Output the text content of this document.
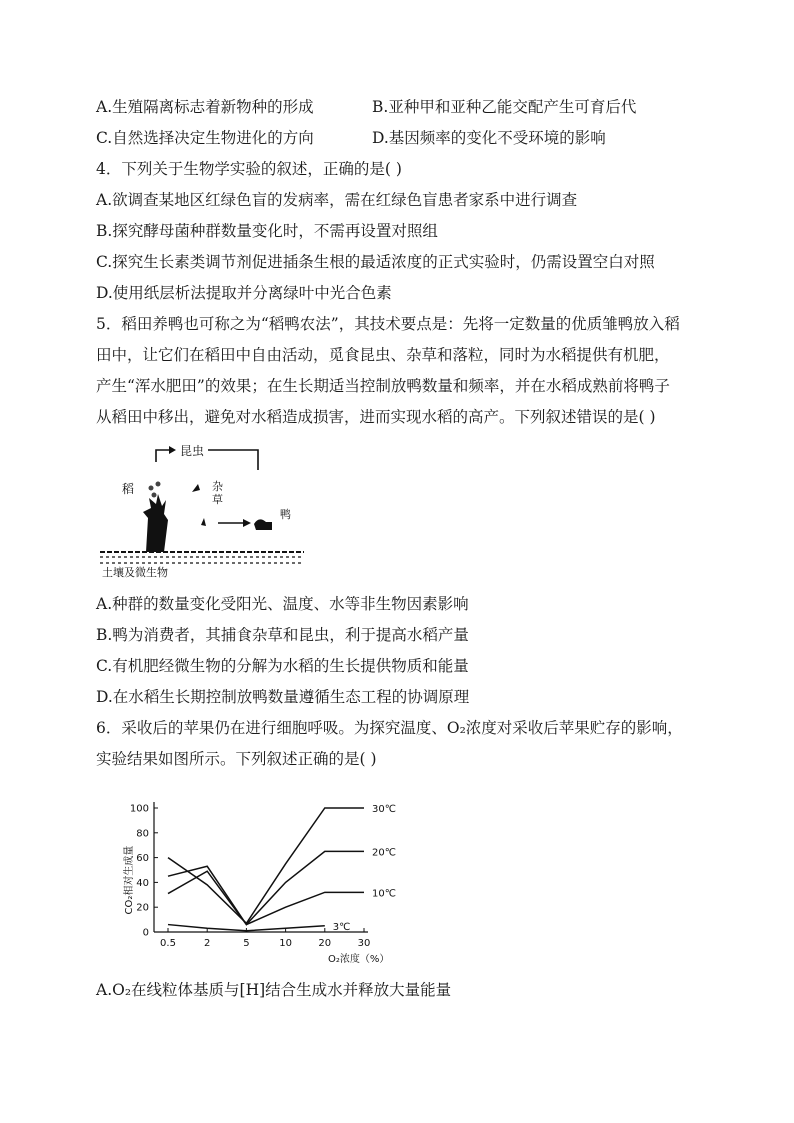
A.生殖隔离标志着新物种的形成	B.亚种甲和亚种乙能交配产生可育后代
C.自然选择决定生物进化的方向	D.基因频率的变化不受环境的影响
4．下列关于生物学实验的叙述，正确的是( )
A.欲调查某地区红绿色盲的发病率，需在红绿色盲患者家系中进行调查
B.探究酵母菌种群数量变化时，不需再设置对照组
C.探究生长素类调节剂促进插条生根的最适浓度的正式实验时，仍需设置空白对照
D.使用纸层析法提取并分离绿叶中光合色素
5．稻田养鸭也可称之为“稻鸭农法”，其技术要点是：先将一定数量的优质雏鸭放入稻
田中，让它们在稻田中自由活动，觅食昆虫、杂草和落粒，同时为水稻提供有机肥，
产生“浑水肥田”的效果；在生长期适当控制放鸭数量和频率，并在水稻成熟前将鸭子
从稻田中移出，避免对水稻造成损害，进而实现水稻的高产。下列叙述错误的是( )
昆虫
稻	杂
草
鸭
土壤及微生物
A.种群的数量变化受阳光、温度、水等非生物因素影响
B.鸭为消费者，其捕食杂草和昆虫，利于提高水稻产量
C.有机肥经微生物的分解为水稻的生长提供物质和能量
D.在水稻生长期控制放鸭数量遵循生态工程的协调原理
6．采收后的苹果仍在进行细胞呼吸。为探究温度、O₂浓度对采收后苹果贮存的影响，
实验结果如图所示。下列叙述正确的是( )
CO₂相对生成量
0
20
40
60
80
100
0.5	2	5	10	20	30
30℃
20℃
10℃
3℃
O₂浓度（%）
A.O₂在线粒体基质与[H]结合生成水并释放大量能量
